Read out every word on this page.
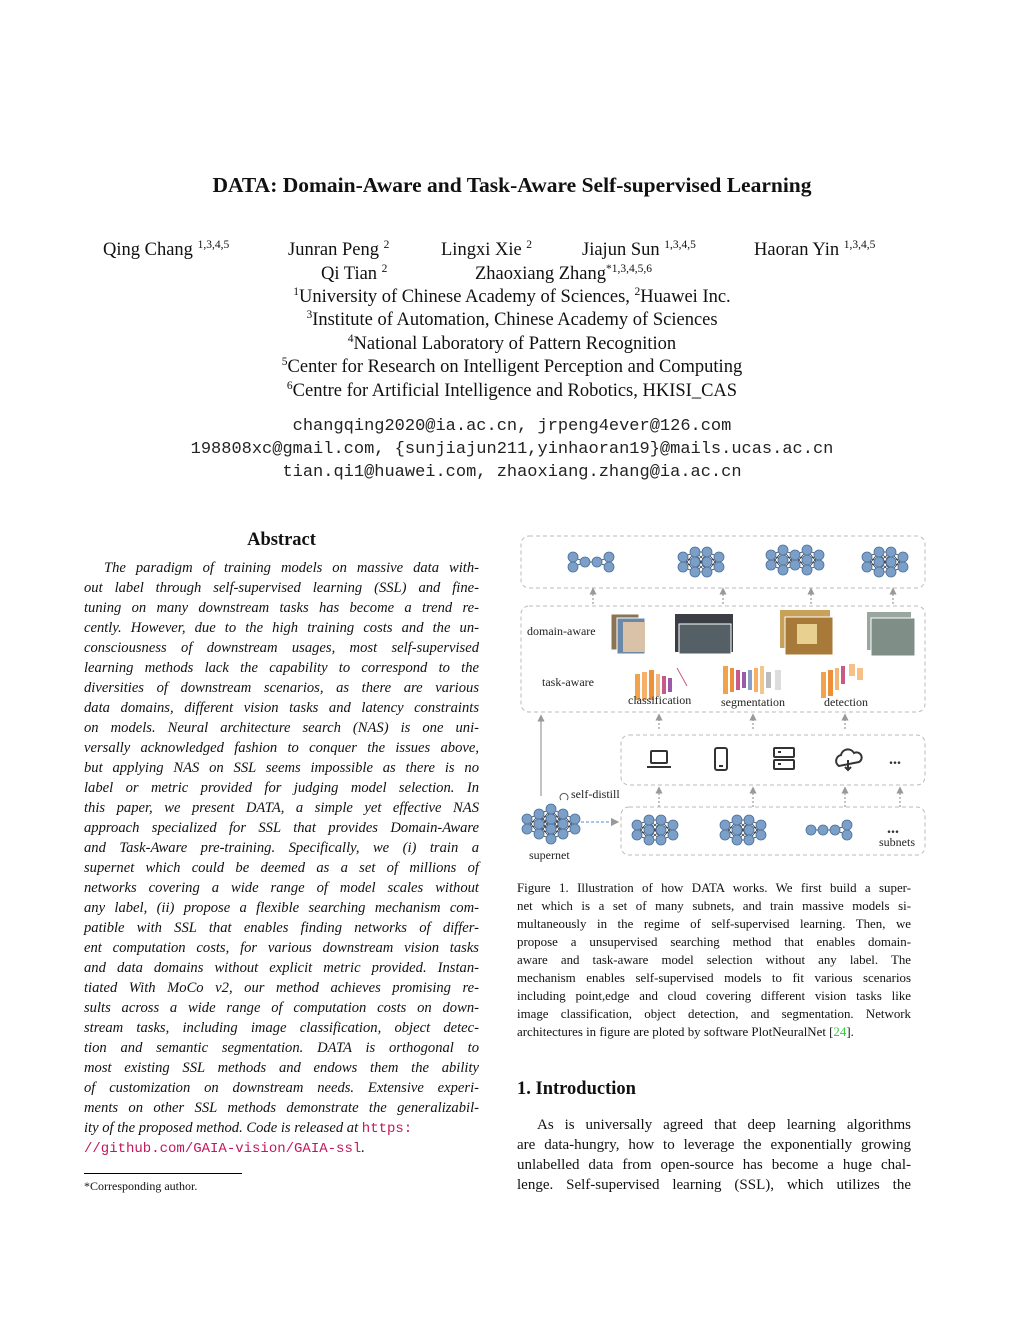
DATA: Domain-Aware and Task-Aware Self-supervised Learning
Qing Chang $^{1,3,4,5}$	Junran Peng $^2$	Lingxi Xie $^2$	Jiajun Sun $^{1,3,4,5}$	Haoran Yin $^{1,3,4,5}$
Qi Tian $^2$	Zhaoxiang Zhang$^{*1,3,4,5,6}$
$^1$University of Chinese Academy of Sciences, $^2$Huawei Inc.
$^3$Institute of Automation, Chinese Academy of Sciences
$^4$National Laboratory of Pattern Recognition
$^5$Center for Research on Intelligent Perception and Computing
$^6$Centre for Artificial Intelligence and Robotics, HKISI_CAS
changqing2020@ia.ac.cn, jrpeng4ever@126.com
198808xc@gmail.com, {sunjiajun211,yinhaoran19}@mails.ucas.ac.cn
tian.qi1@huawei.com, zhaoxiang.zhang@ia.ac.cn
Abstract
The paradigm of training models on massive data with-
out label through self-supervised learning (SSL) and fine-
tuning on many downstream tasks has become a trend re-
cently. However, due to the high training costs and the un-
consciousness of downstream usages, most self-supervised
learning methods lack the capability to correspond to the
diversities of downstream scenarios, as there are various
data domains, different vision tasks and latency constraints
on models. Neural architecture search (NAS) is one uni-
versally acknowledged fashion to conquer the issues above,
but applying NAS on SSL seems impossible as there is no
label or metric provided for judging model selection. In
this paper, we present DATA, a simple yet effective NAS
approach specialized for SSL that provides Domain-Aware
and Task-Aware pre-training. Specifically, we (i) train a
supernet which could be deemed as a set of millions of
networks covering a wide range of model scales without
any label, (ii) propose a flexible searching mechanism com-
patible with SSL that enables finding networks of differ-
ent computation costs, for various downstream vision tasks
and data domains without explicit metric provided. Instan-
tiated With MoCo v2, our method achieves promising re-
sults across a wide range of computation costs on down-
stream tasks, including image classification, object detec-
tion and semantic segmentation. DATA is orthogonal to
most existing SSL methods and endows them the ability
of customization on downstream needs. Extensive experi-
ments on other SSL methods demonstrate the generalizabil-
ity of the proposed method. Code is released at https:
//github.com/GAIA-vision/GAIA-ssl.
*Corresponding author.
domain-aware
task-aware
classification segmentation	detection
...
...
subnets
self-distill
supernet
Figure 1. Illustration of how DATA works. We first build a super-
net which is a set of many subnets, and train massive models si-
multaneously in the regime of self-supervised learning. Then, we
propose a unsupervised searching method that enables domain-
aware and task-aware model selection without any label. The
mechanism enables self-supervised models to fit various scenarios
including point,edge and cloud covering different vision tasks like
image classification, object detection, and segmentation. Network
architectures in figure are ploted by software PlotNeuralNet [24].
1. Introduction
As is universally agreed that deep learning algorithms
are data-hungry, how to leverage the exponentially growing
unlabelled data from open-source has become a huge chal-
lenge. Self-supervised learning (SSL), which utilizes the
